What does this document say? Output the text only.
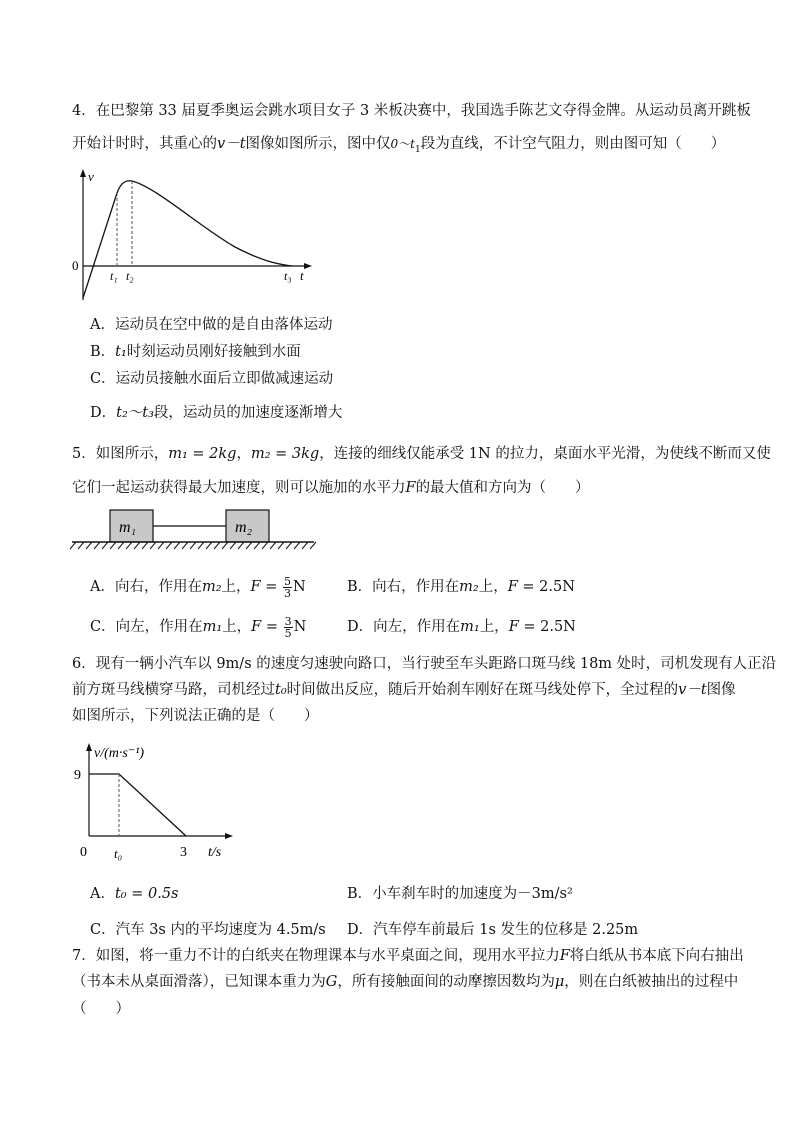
4．在巴黎第 33 届夏季奥运会跳水项目女子 3 米板决赛中，我国选手陈艺文夺得金牌。从运动员离开跳板
开始计时时，其重心的v－t图像如图所示，图中仅$0\sim t_1$段为直线，不计空气阻力，则由图可知（　　）
v
0
t₁ t₂	t₃ t
A．运动员在空中做的是自由落体运动
B．t₁时刻运动员刚好接触到水面
C．运动员接触水面后立即做减速运动
D．t₂～t₃段，运动员的加速度逐渐增大
5．如图所示，m₁ = 2kg，m₂ = 3kg，连接的细线仅能承受 1N 的拉力，桌面水平光滑，为使线不断而又使
它们一起运动获得最大加速度，则可以施加的水平力F的最大值和方向为（　　）
m₁	m₂
A．向右，作用在m₂上，$F = \frac{5}{3}$ N	B．向右，作用在m₂上，F = 2.5N
C．向左，作用在m₁上，$F = \frac{3}{5}$ N	D．向左，作用在m₁上，F = 2.5N
6．现有一辆小汽车以 9m/s 的速度匀速驶向路口，当行驶至车头距路口斑马线 18m 处时，司机发现有人正沿
前方斑马线横穿马路，司机经过t₀时间做出反应，随后开始刹车刚好在斑马线处停下，全过程的v－t图像
如图所示，下列说法正确的是（　　）
v/(m·s⁻¹)
9
0 t₀	3 t/s
A．t₀ = 0.5s	B．小车刹车时的加速度为－3m/s²
C．汽车 3s 内的平均速度为 4.5m/s D．汽车停车前最后 1s 发生的位移是 2.25m
7．如图，将一重力不计的白纸夹在物理课本与水平桌面之间，现用水平拉力F将白纸从书本底下向右抽出
（书本未从桌面滑落），已知课本重力为G，所有接触面间的动摩擦因数均为μ，则在白纸被抽出的过程中
（　　）
